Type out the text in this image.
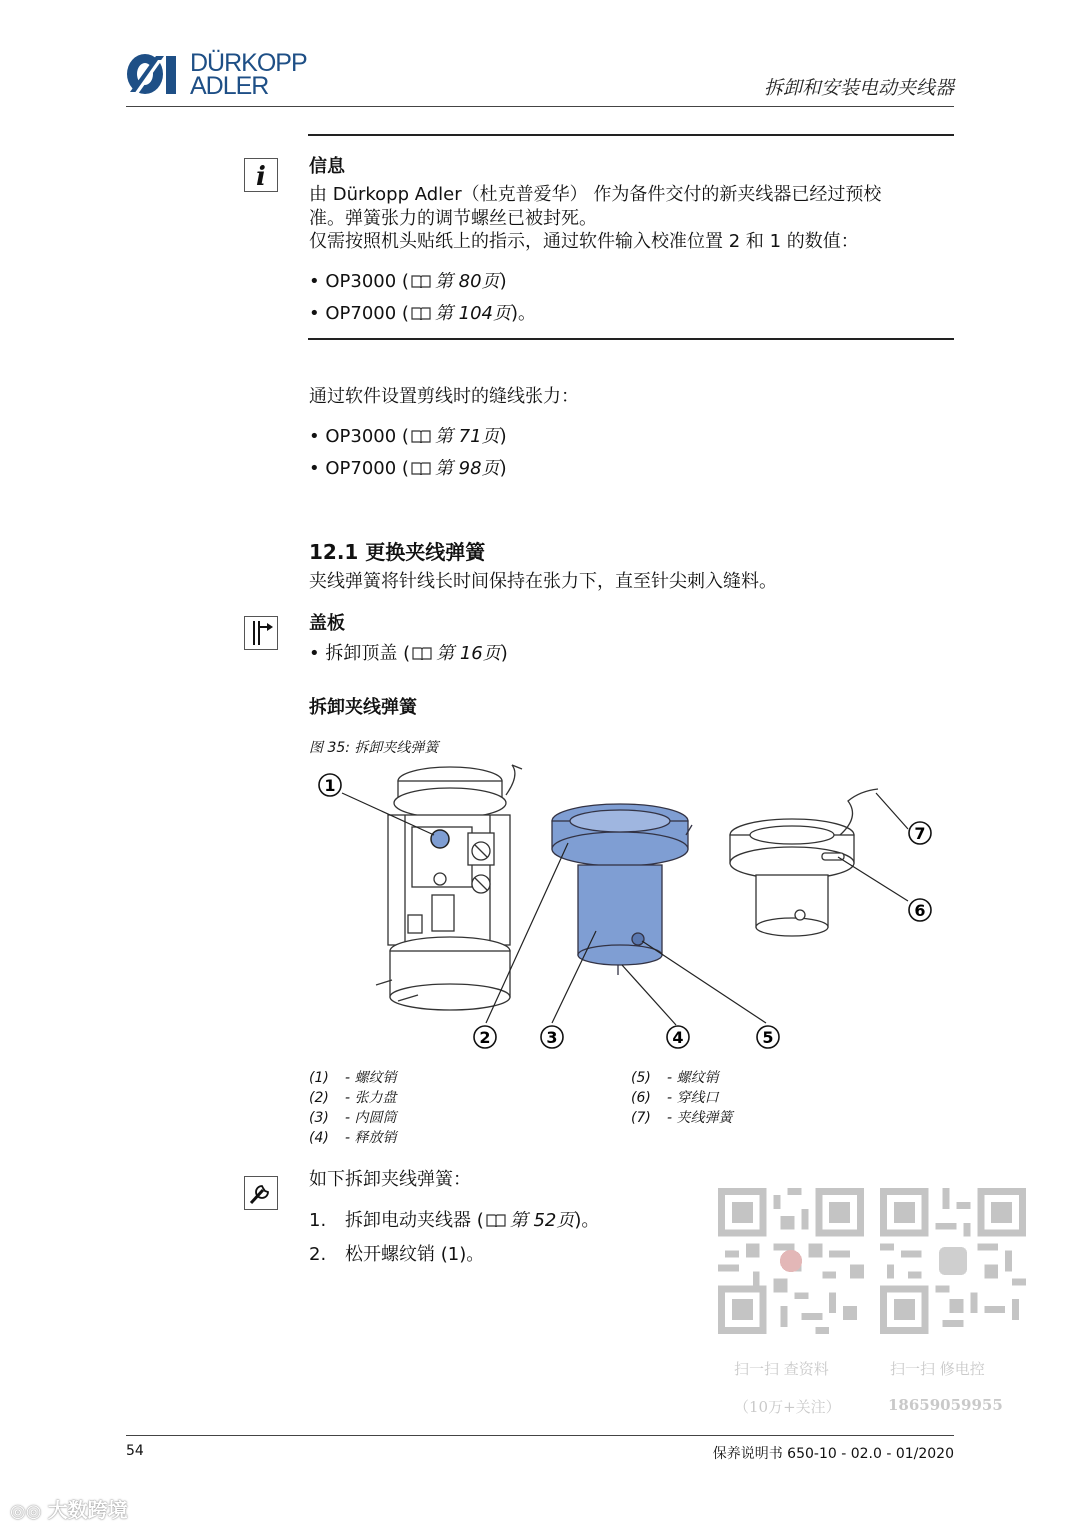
DÜRKOPP
ADLER	拆卸和安装电动夹线器
i 信息
由 Dürkopp Adler（杜克普爱华） 作为备件交付的新夹线器已经过预校
准。弹簧张力的调节螺丝已被封死。
仅需按照机头贴纸上的指示，通过软件输入校准位置 2 和 1 的数值：
• OP3000 ( 第 80页)
• OP7000 ( 第 104页)。
通过软件设置剪线时的缝线张力：
• OP3000 ( 第 71页)
• OP7000 ( 第 98页)
12.1 更换夹线弹簧
夹线弹簧将针线长时间保持在张力下，直至针尖刺入缝料。
盖板
• 拆卸顶盖 ( 第 16页)
拆卸夹线弹簧
图 35: 拆卸夹线弹簧
1
2	3	4	5
6
7
(1) - 螺纹销
(2) - 张力盘
(3) - 内圆筒
(4) - 释放销
(5) - 螺纹销
(6) - 穿线口
(7) - 夹线弹簧
如下拆卸夹线弹簧：
1. 拆卸电动夹线器 ( 第 52页)。
2. 松开螺纹销 (1)。
扫一扫 查资料
（10万+关注）
扫一扫 修电控
18659059955
54	保养说明书 650-10 - 02.0 - 01/2020
◎◎ 大数跨境
